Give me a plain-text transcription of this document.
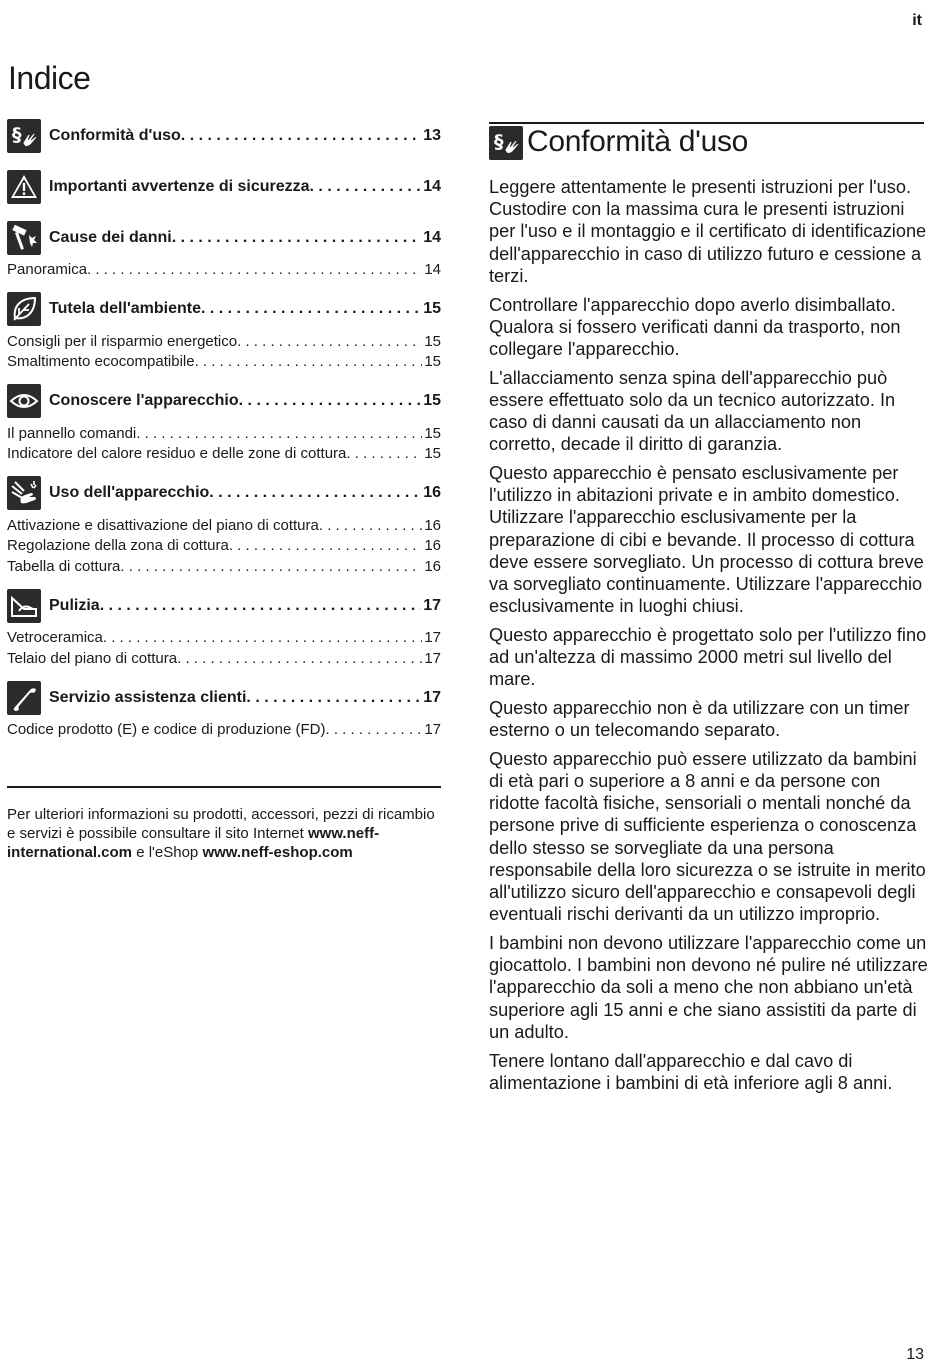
it
Indice
§ Conformità d'uso . . .	13
Importanti avvertenze di sicurezza . . .	14
Cause dei danni . . .	14
Panoramica . . .	14
Tutela dell'ambiente . . .	15
Consigli per il risparmio energetico . . .	15
Smaltimento ecocompatibile . . .	15
Conoscere l'apparecchio . . .	15
Il pannello comandi . . .	15
Indicatore del calore residuo e delle zone di cottura . . .	15
Uso dell'apparecchio . . .	16
Attivazione e disattivazione del piano di cottura . . .	16
Regolazione della zona di cottura . . .	16
Tabella di cottura . . .	16
Pulizia . . .	17
Vetroceramica . . .	17
Telaio del piano di cottura . . .	17
Servizio assistenza clienti . . .	17
Codice prodotto (E) e codice di produzione (FD) . . .	17
Per ulteriori informazioni su prodotti, accessori, pezzi di ricambio e servizi è possibile consultare il sito Internet www.neff-international.com e l'eShop www.neff-eshop.com
§ Conformità d'uso

Leggere attentamente le presenti istruzioni per l'uso. Custodire con la massima cura le presenti istruzioni per l'uso e il montaggio e il certificato di identificazione dell'apparecchio in caso di utilizzo futuro e cessione a terzi.

Controllare l'apparecchio dopo averlo disimballato. Qualora si fossero verificati danni da trasporto, non collegare l'apparecchio.

L'allacciamento senza spina dell'apparecchio può essere effettuato solo da un tecnico autorizzato. In caso di danni causati da un allacciamento non corretto, decade il diritto di garanzia.

Questo apparecchio è pensato esclusivamente per l'utilizzo in abitazioni private e in ambito domestico. Utilizzare l'apparecchio esclusivamente per la preparazione di cibi e bevande. Il processo di cottura deve essere sorvegliato. Un processo di cottura breve va sorvegliato continuamente. Utilizzare l'apparecchio esclusivamente in luoghi chiusi.

Questo apparecchio è progettato solo per l'utilizzo fino ad un'altezza di massimo 2000 metri sul livello del mare.

Questo apparecchio non è da utilizzare con un timer esterno o un telecomando separato.

Questo apparecchio può essere utilizzato da bambini di età pari o superiore a 8 anni e da persone con ridotte facoltà fisiche, sensoriali o mentali nonché da persone prive di sufficiente esperienza o conoscenza dello stesso se sorvegliate da una persona responsabile della loro sicurezza o se istruite in merito all'utilizzo sicuro dell'apparecchio e consapevoli degli eventuali rischi derivanti da un utilizzo improprio.

I bambini non devono utilizzare l'apparecchio come un giocattolo. I bambini non devono né pulire né utilizzare l'apparecchio da soli a meno che non abbiano un'età superiore agli 15 anni e che siano assistiti da parte di un adulto.

Tenere lontano dall'apparecchio e dal cavo di alimentazione i bambini di età inferiore agli 8 anni.

13
